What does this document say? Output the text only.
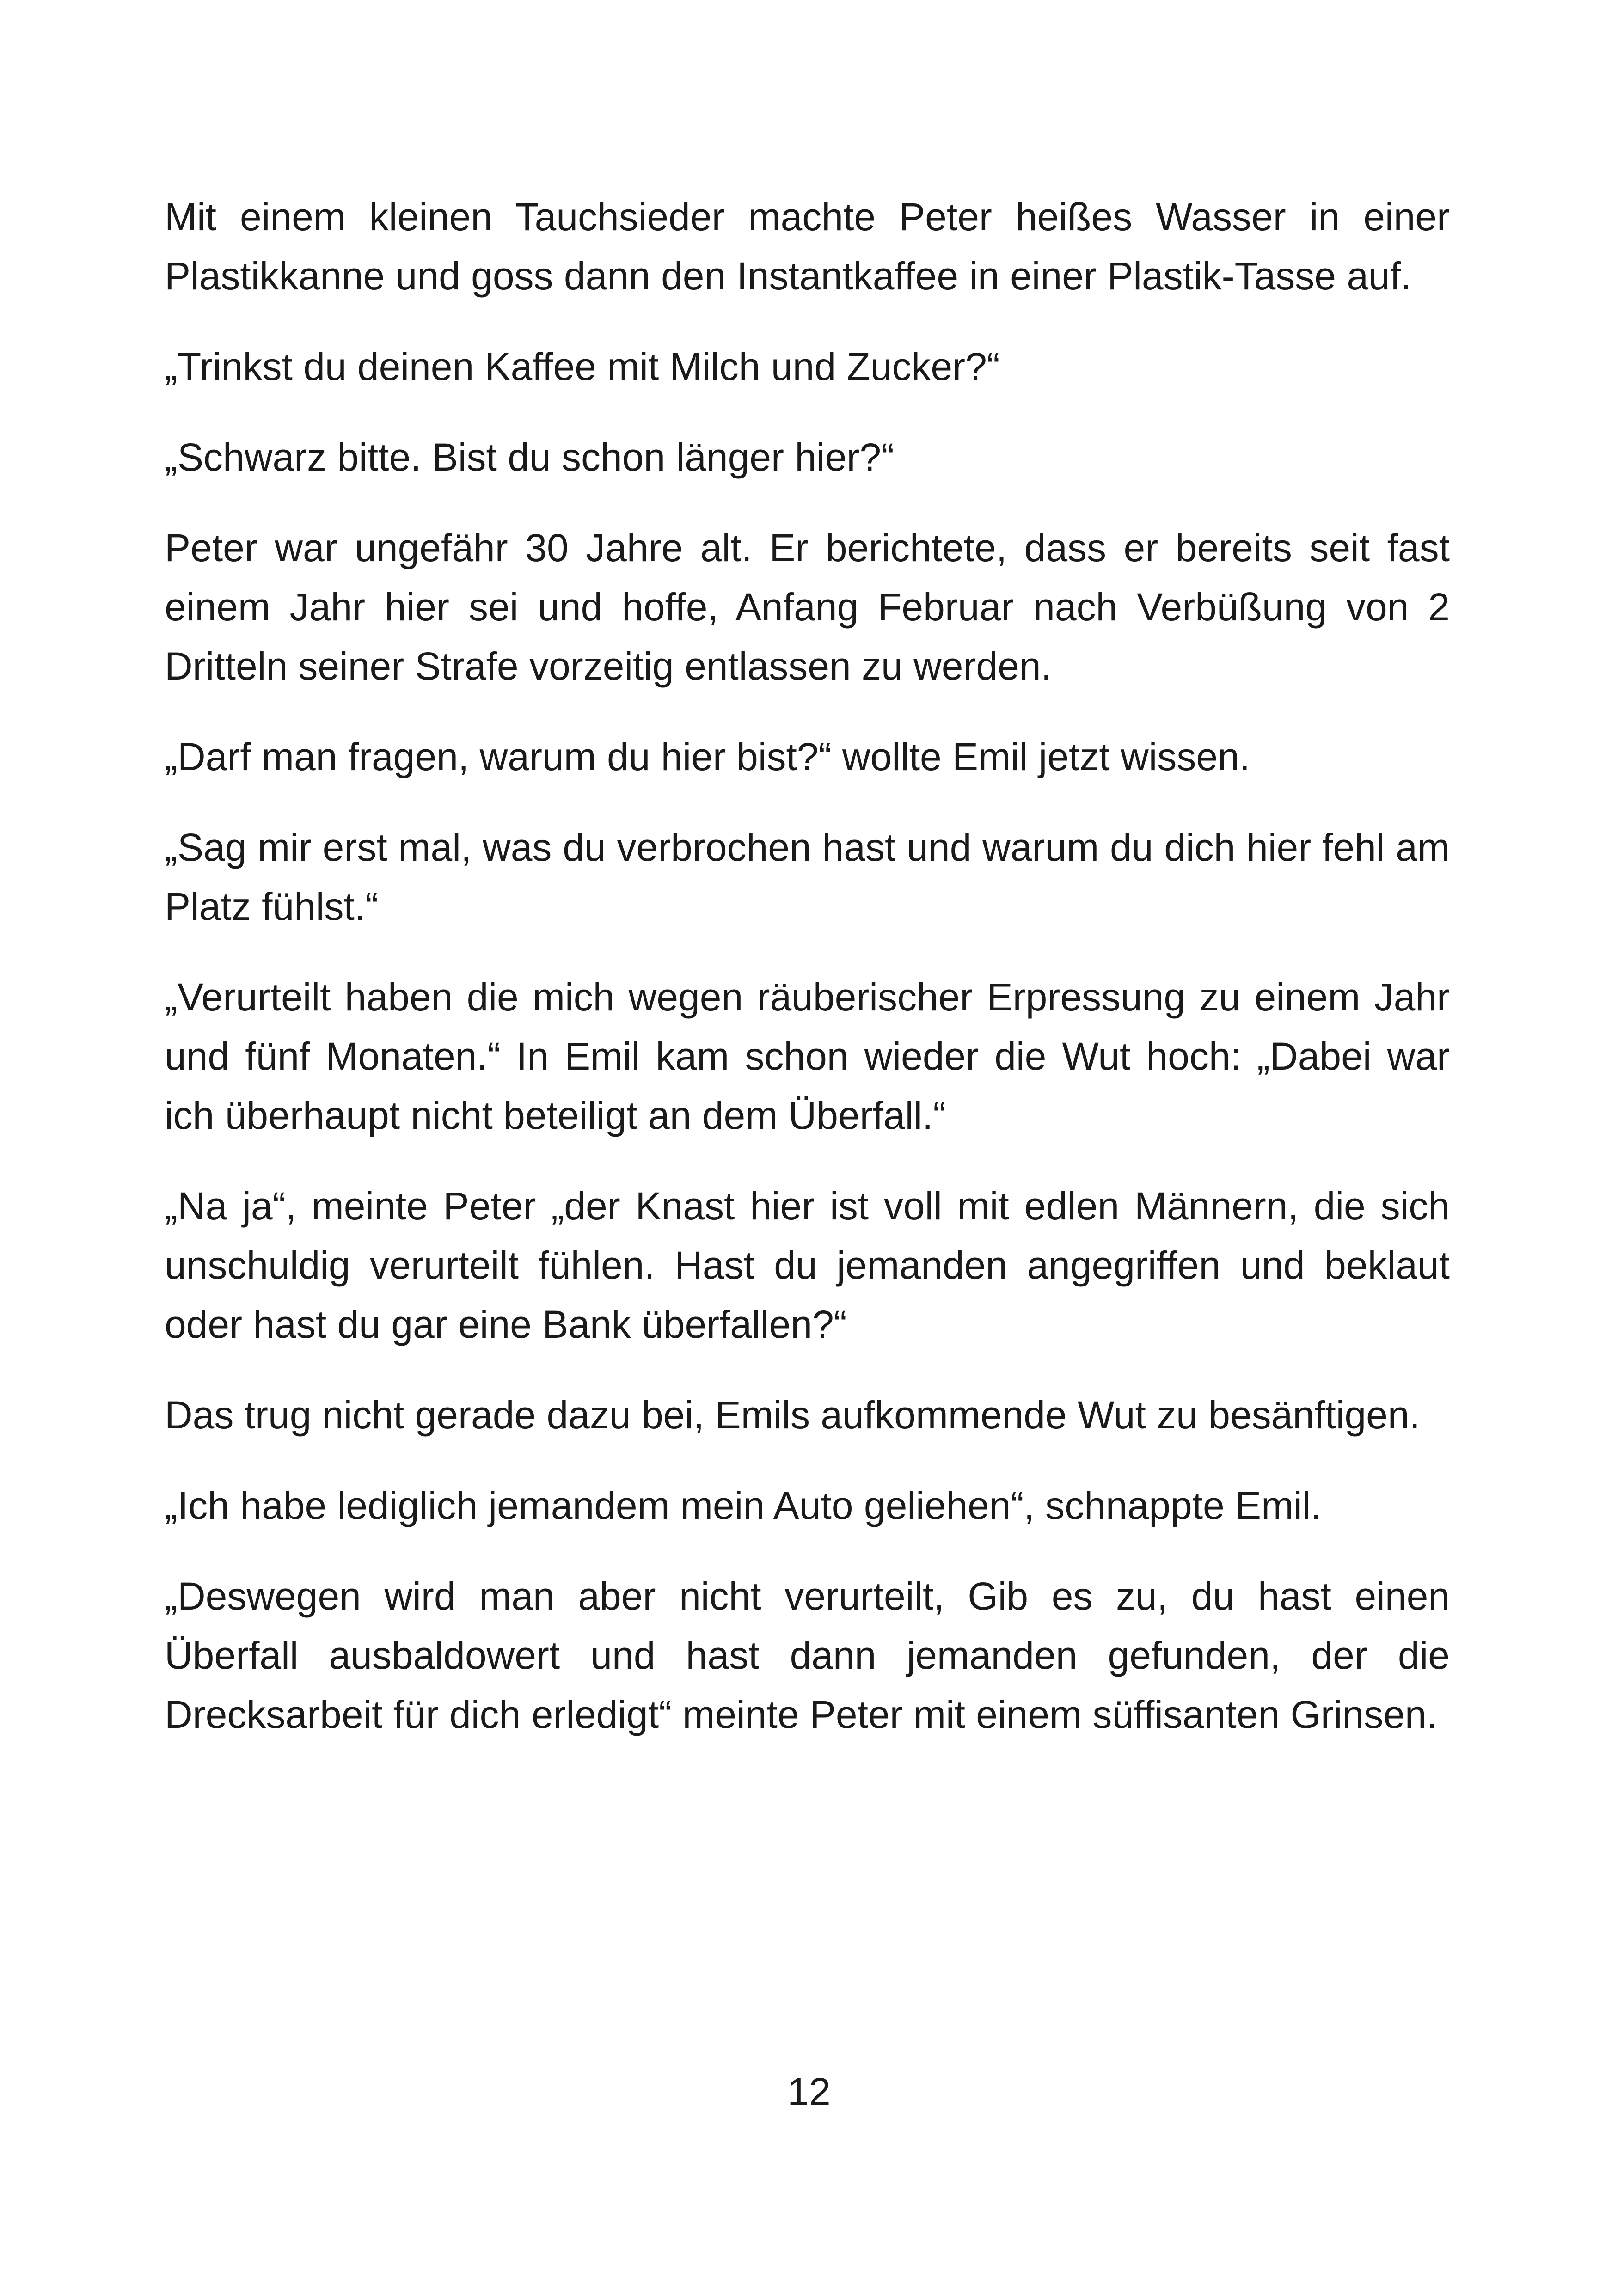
Mit einem kleinen Tauchsieder machte Peter heißes Wasser in einer Plastikkanne und goss dann den Instantkaffee in einer Plastik-Tasse auf.

„Trinkst du deinen Kaffee mit Milch und Zucker?“

„Schwarz bitte. Bist du schon länger hier?“

Peter war ungefähr 30 Jahre alt. Er berichtete, dass er bereits seit fast einem Jahr hier sei und hoffe, Anfang Februar nach Verbüßung von 2 Dritteln seiner Strafe vorzeitig entlassen zu werden.

„Darf man fragen, warum du hier bist?“ wollte Emil jetzt wissen.

„Sag mir erst mal, was du verbrochen hast und warum du dich hier fehl am Platz fühlst.“

„Verurteilt haben die mich wegen räuberischer Erpressung zu einem Jahr und fünf Monaten.“ In Emil kam schon wieder die Wut hoch: „Dabei war ich überhaupt nicht beteiligt an dem Überfall.“

„Na ja“, meinte Peter „der Knast hier ist voll mit edlen Männern, die sich unschuldig verurteilt fühlen. Hast du jemanden angegriffen und beklaut oder hast du gar eine Bank überfallen?“

Das trug nicht gerade dazu bei, Emils aufkommende Wut zu besänftigen.

„Ich habe lediglich jemandem mein Auto geliehen“, schnappte Emil.

„Deswegen wird man aber nicht verurteilt, Gib es zu, du hast einen Überfall ausbaldowert und hast dann jemanden gefunden, der die Drecksarbeit für dich erledigt“ meinte Peter mit einem süffisanten Grinsen.

12
